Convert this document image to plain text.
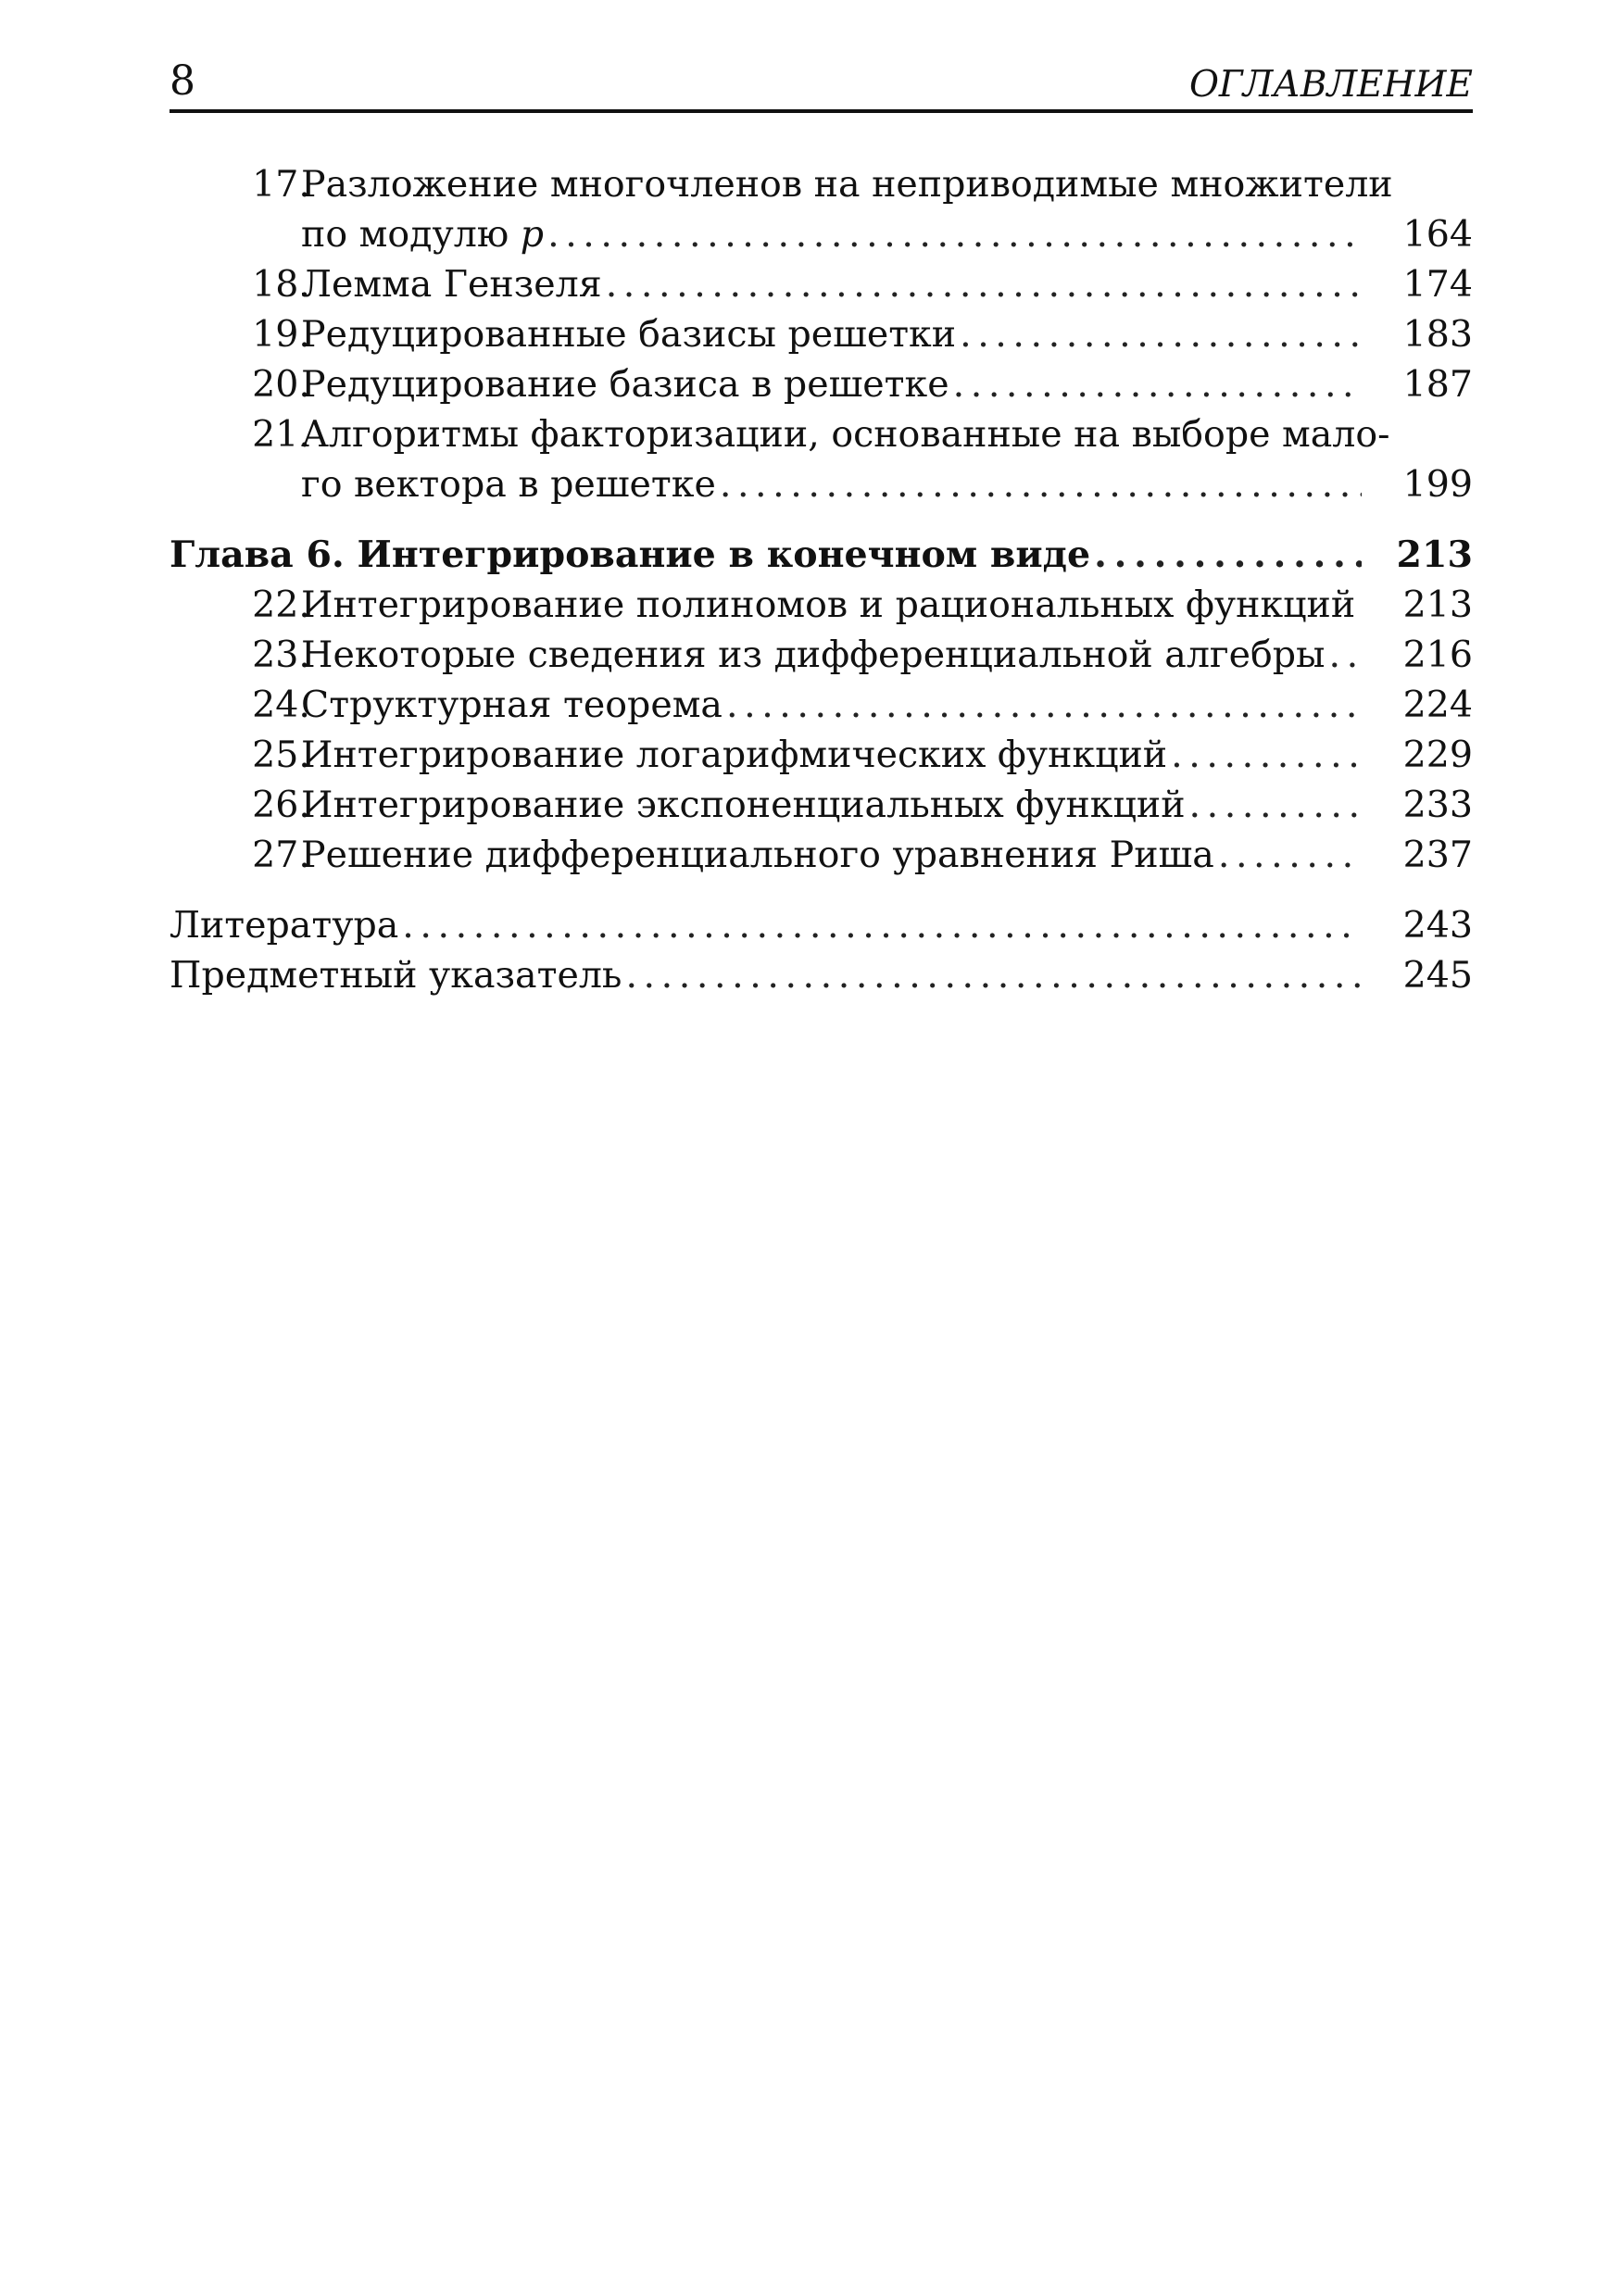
8	ОГЛАВЛЕНИЕ
17.
Разложение многочленов на неприводимые множители
по модулю p . . .	164
18.
Лемма Гензеля . . .	174
19.
Редуцированные базисы решетки . . .	183
20.
Редуцирование базиса в решетке . . .	187
21.
Алгоритмы факторизации, основанные на выборе мало-
го вектора в решетке . . .	199
Глава 6. Интегрирование в конечном виде . . .	213
22.
Интегрирование полиномов и рациональных функций . . .	213
23.
Некоторые сведения из дифференциальной алгебры . . .	216
24.
Структурная теорема . . .	224
25.
Интегрирование логарифмических функций . . .	229
26.
Интегрирование экспоненциальных функций . . .	233
27.
Решение дифференциального уравнения Риша . . .	237
Литература . . .	243
Предметный указатель . . .	245
